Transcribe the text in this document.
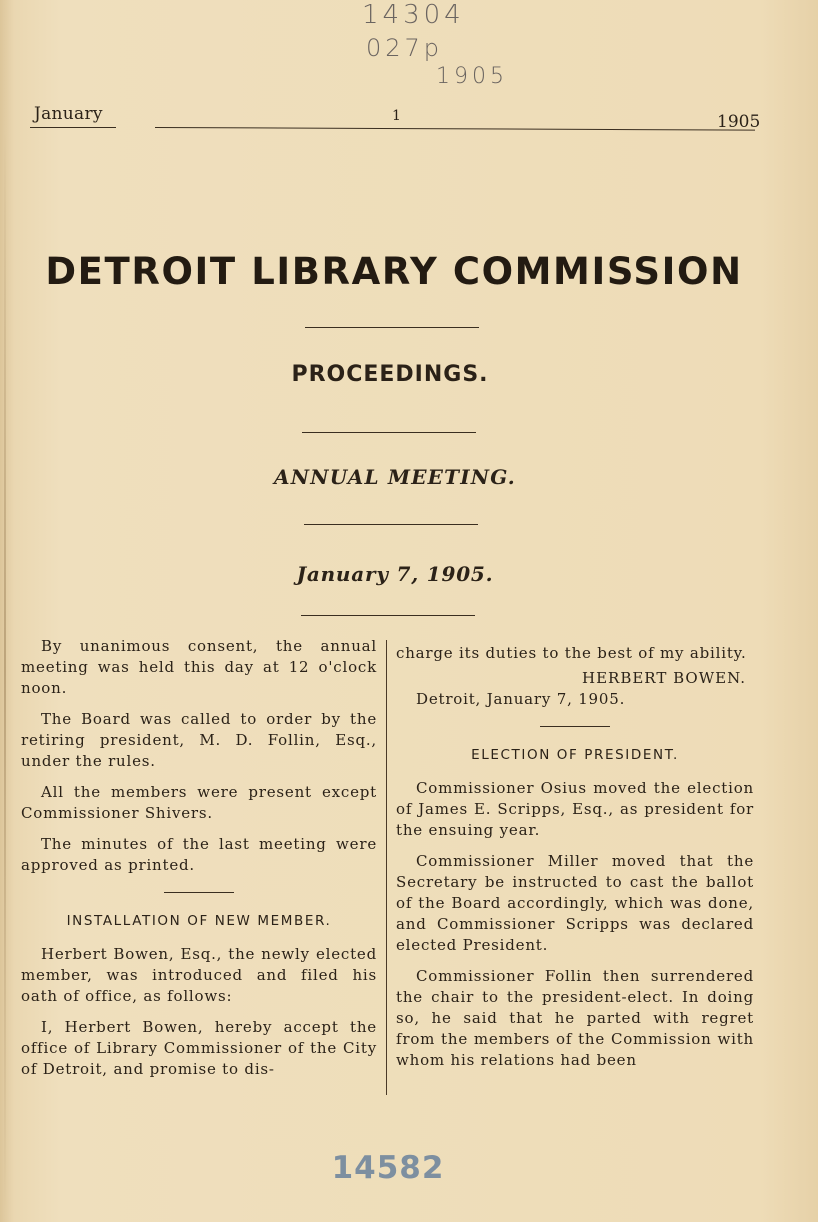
14304
027p
1905
January	1	1905
DETROIT LIBRARY COMMISSION
PROCEEDINGS.
ANNUAL MEETING.
January 7, 1905.

By unanimous consent, the annual meeting was held this day at 12 o'clock noon.

The Board was called to order by the retiring president, M. D. Follin, Esq., under the rules.

All the members were present except Commissioner Shivers.

The minutes of the last meeting were approved as printed.

INSTALLATION OF NEW MEMBER.

Herbert Bowen, Esq., the newly elected member, was introduced and filed his oath of office, as follows:

I, Herbert Bowen, hereby accept the office of Library Commissioner of the City of Detroit, and promise to dis-

charge its duties to the best of my ability.

HERBERT BOWEN.

Detroit, January 7, 1905.

ELECTION OF PRESIDENT.

Commissioner Osius moved the election of James E. Scripps, Esq., as president for the ensuing year.

Commissioner Miller moved that the Secretary be instructed to cast the ballot of the Board accordingly, which was done, and Commissioner Scripps was declared elected President.

Commissioner Follin then surrendered the chair to the president-elect. In doing so, he said that he parted with regret from the members of the Commission with whom his relations had been

14582
